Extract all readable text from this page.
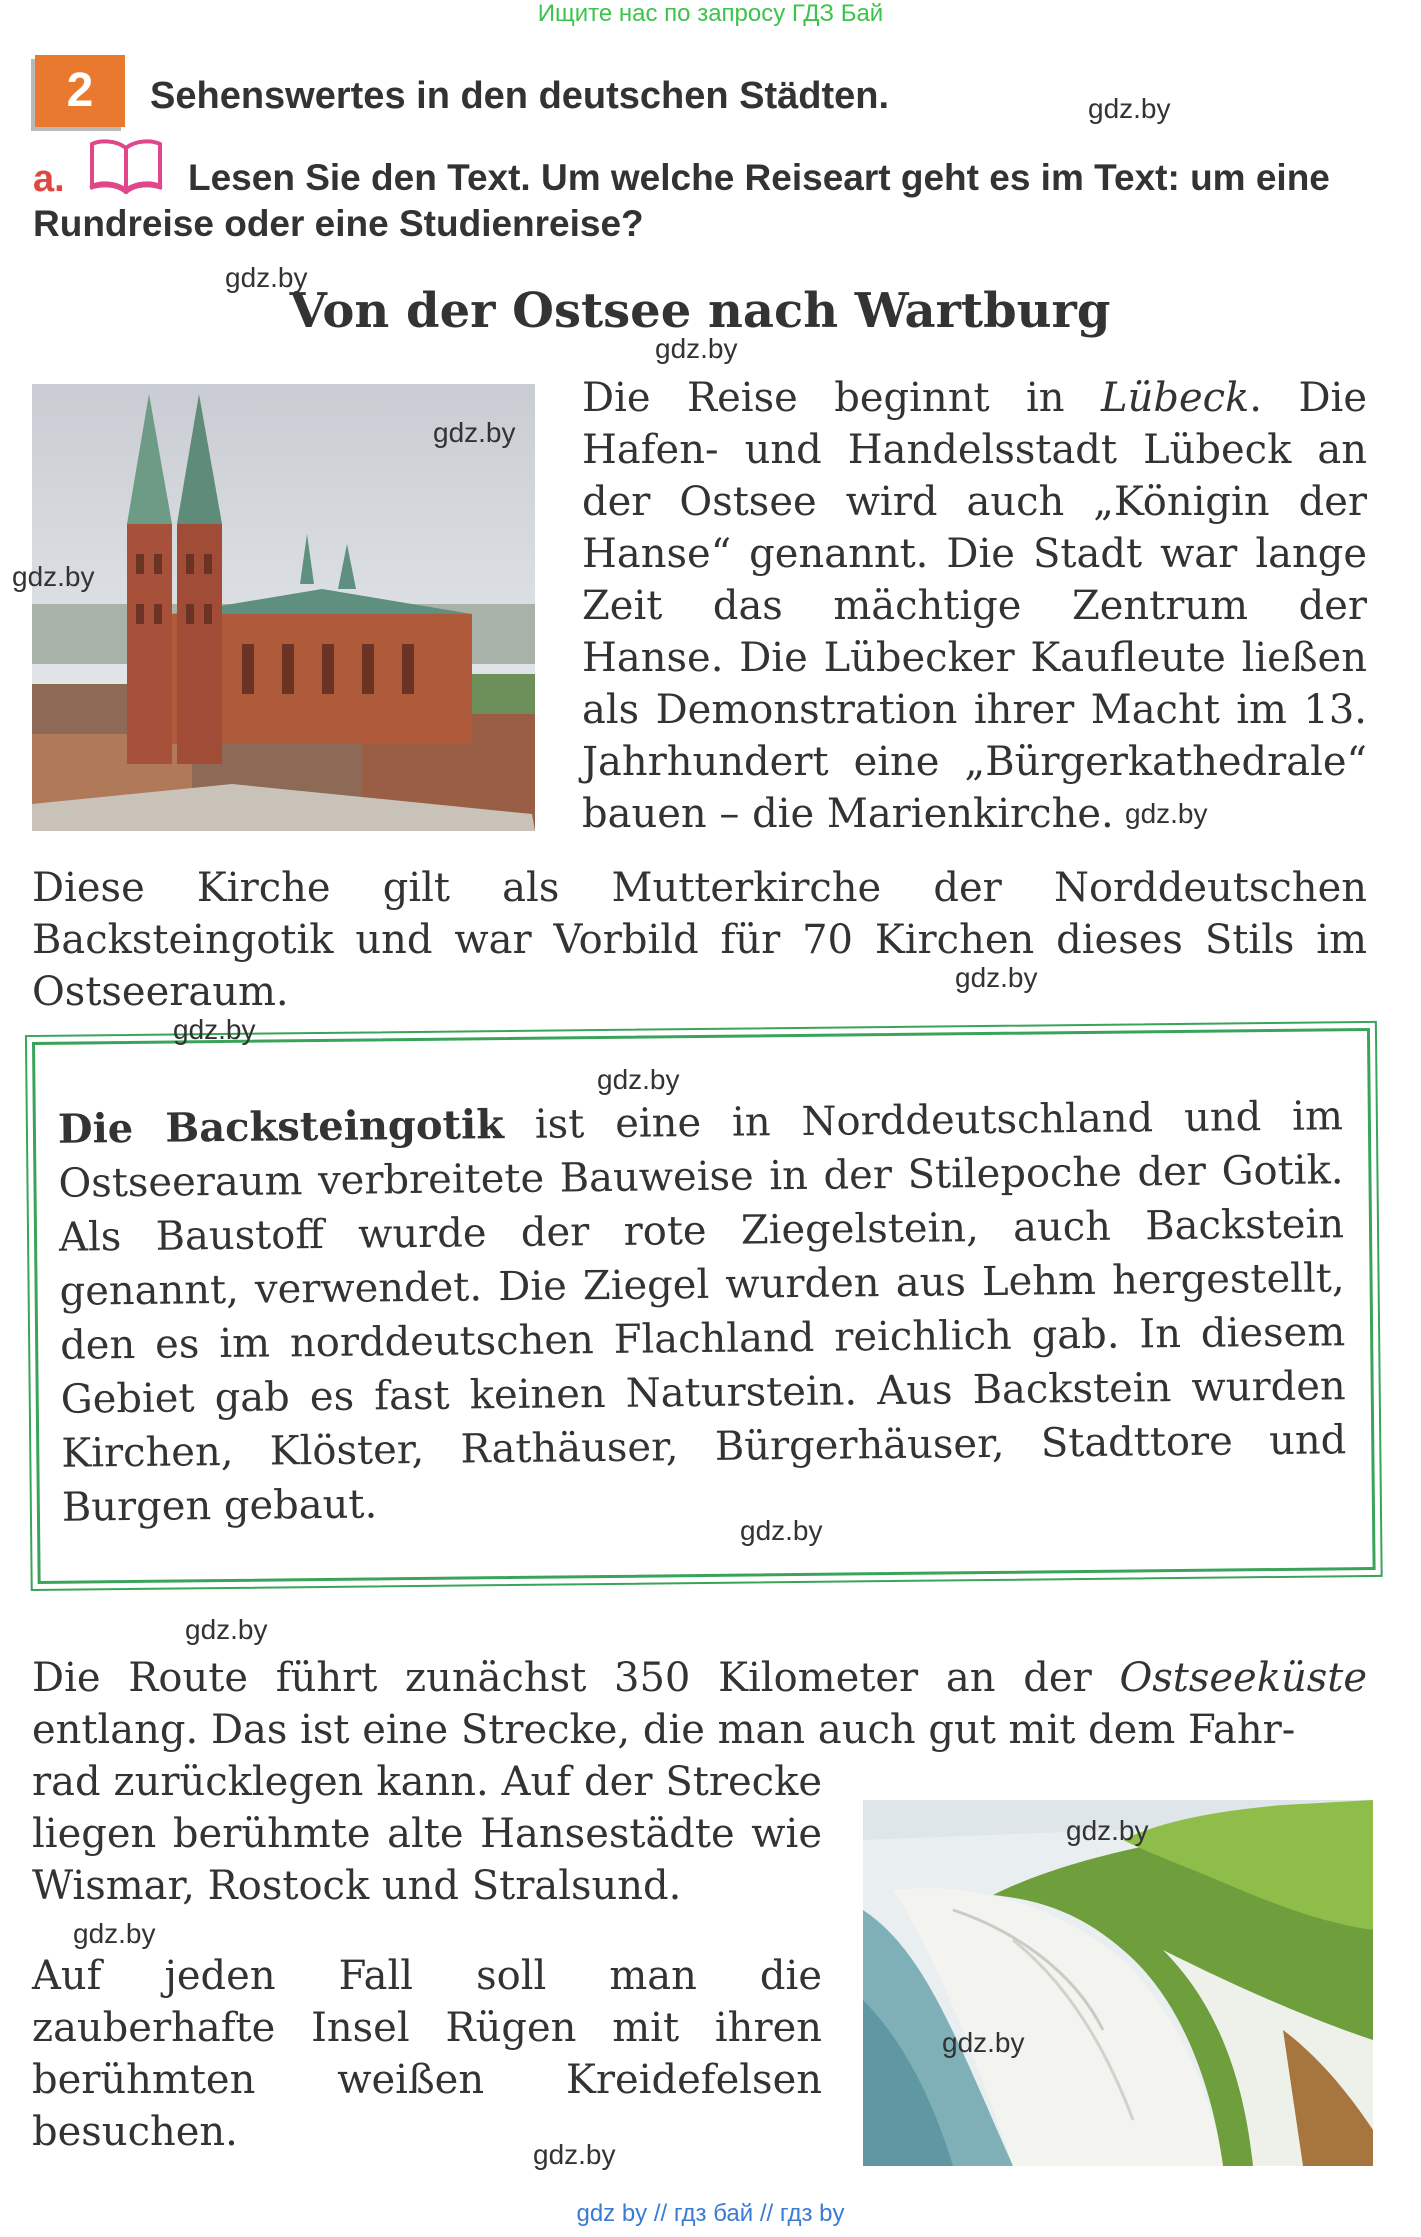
Ищите нас по запросу ГДЗ Бай
2	Sehenswertes in den deutschen Städten.
a.	Lesen Sie den Text. Um welche Reiseart geht es im Text: um eine Rundreise oder eine Studienreise?
Von der Ostsee nach Wartburg

Die Reise beginnt in Lübeck. Die Hafen- und Handelsstadt Lübeck an der Ostsee wird auch „Königin der Hanse“ genannt. Die Stadt war lange Zeit das mächtige Zentrum der Hanse. Die Lübecker Kaufleute ließen als Demonstration ihrer Macht im 13. Jahrhundert eine „Bürgerkathedrale“ bauen – die Marienkirche.

Diese Kirche gilt als Mutterkirche der Norddeutschen Backsteingotik und war Vorbild für 70 Kirchen dieses Stils im Ostseeraum.
Die Backsteingotik ist eine in Norddeutschland und im Ostseeraum verbreitete Bauweise in der Stilepoche der Gotik. Als Baustoff wurde der rote Ziegelstein, auch Backstein genannt, verwendet. Die Ziegel wurden aus Lehm hergestellt, den es im norddeutschen Flachland reichlich gab. In diesem Gebiet gab es fast keinen Naturstein. Aus Backstein wurden Kirchen, Klöster, Rathäuser, Bürgerhäuser, Stadttore und Burgen gebaut.

Die Route führt zunächst 350 Kilometer an der Ostseeküste entlang. Das ist eine Strecke, die man auch gut mit dem Fahr-

rad zurücklegen kann. Auf der Strecke liegen berühmte alte Hansestädte wie Wismar, Rostock und Stralsund.
Auf jeden Fall soll man die zauberhafte Insel Rügen mit ihren berühmten weißen Kreidefelsen besuchen.
gdz.by
gdz.by
gdz.by
gdz.by
gdz.by
gdz.by
gdz.by
gdz.by
gdz.by
gdz.by
gdz.by
gdz.by
gdz.by
gdz.by
gdz.by
gdz by // гдз бай // гдз by
